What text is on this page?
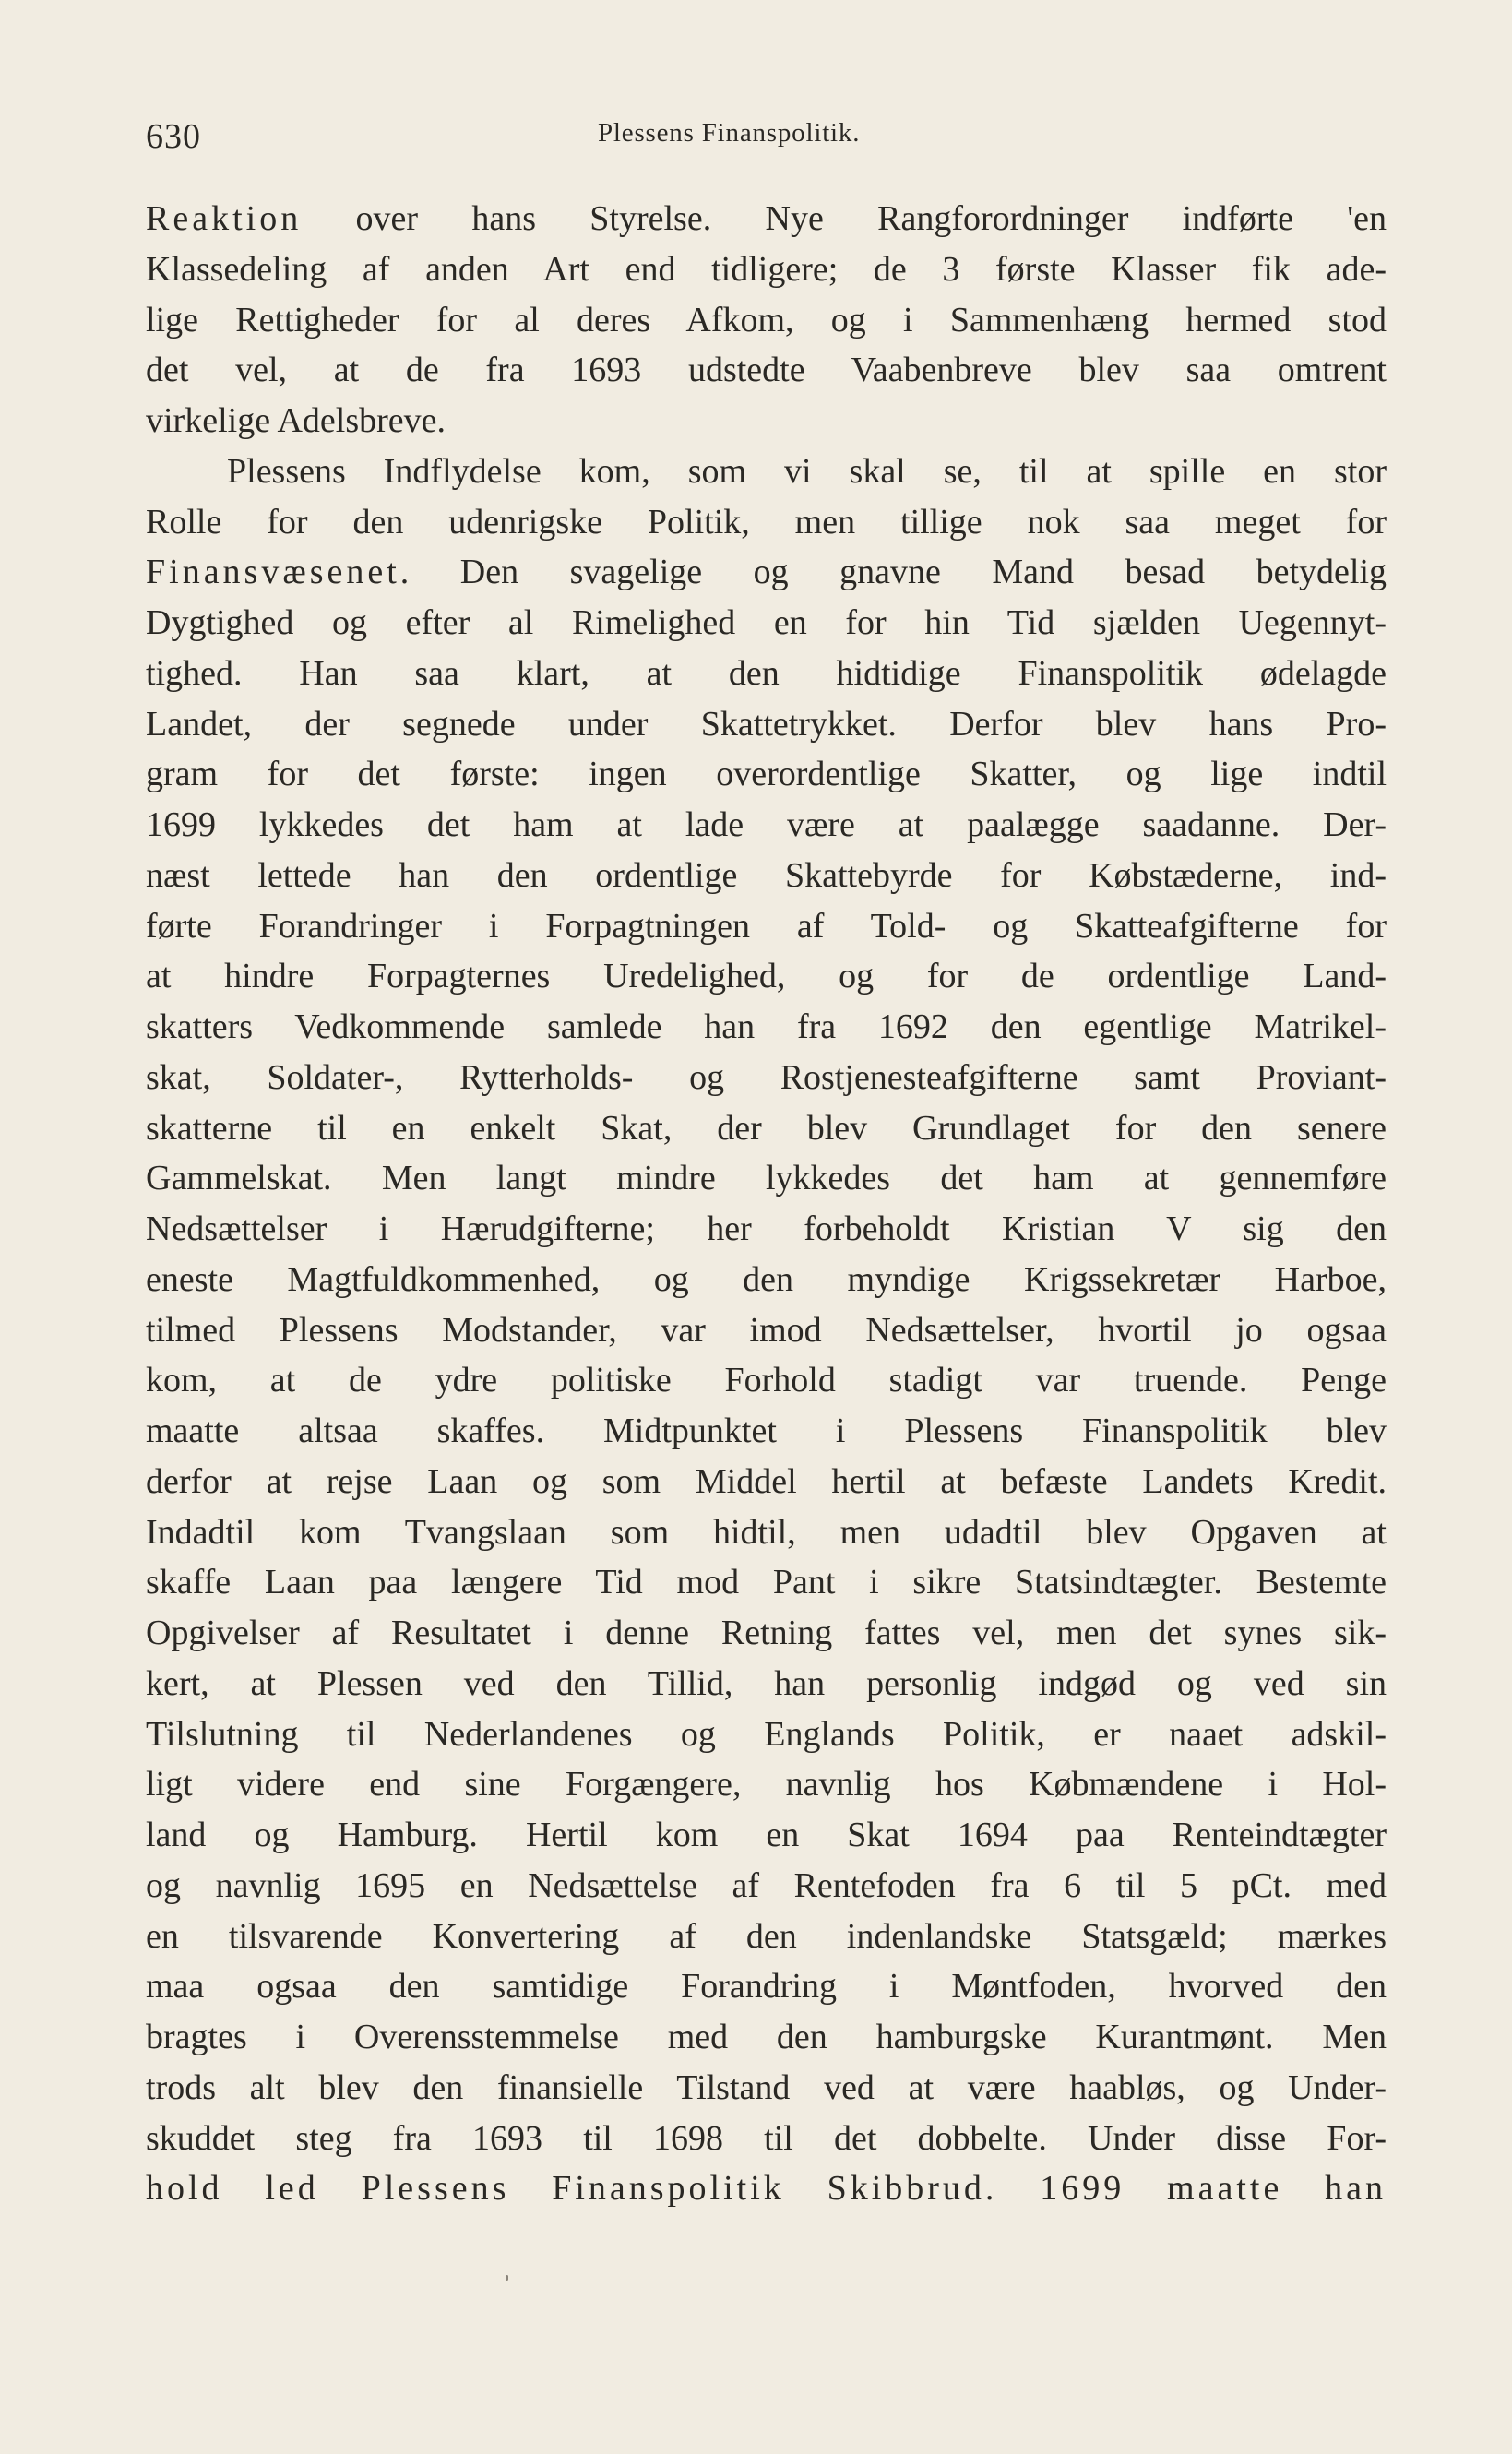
630	Plessens Finanspolitik.
Reaktion over hans Styrelse. Nye Rangforordninger indførte 'en
Klassedeling af anden Art end tidligere; de 3 første Klasser fik ade-
lige Rettigheder for al deres Afkom, og i Sammenhæng hermed stod
det vel, at de fra 1693 udstedte Vaabenbreve blev saa omtrent
virkelige Adelsbreve.
Plessens Indflydelse kom, som vi skal se, til at spille en stor
Rolle for den udenrigske Politik, men tillige nok saa meget for
Finansvæsenet. Den svagelige og gnavne Mand besad betydelig
Dygtighed og efter al Rimelighed en for hin Tid sjælden Uegennyt-
tighed. Han saa klart, at den hidtidige Finanspolitik ødelagde
Landet, der segnede under Skattetrykket. Derfor blev hans Pro-
gram for det første: ingen overordentlige Skatter, og lige indtil
1699 lykkedes det ham at lade være at paalægge saadanne. Der-
næst lettede han den ordentlige Skattebyrde for Købstæderne, ind-
førte Forandringer i Forpagtningen af Told- og Skatteafgifterne for
at hindre Forpagternes Uredelighed, og for de ordentlige Land-
skatters Vedkommende samlede han fra 1692 den egentlige Matrikel-
skat, Soldater-, Rytterholds- og Rostjenesteafgifterne samt Proviant-
skatterne til en enkelt Skat, der blev Grundlaget for den senere
Gammelskat. Men langt mindre lykkedes det ham at gennemføre
Nedsættelser i Hærudgifterne; her forbeholdt Kristian V sig den
eneste Magtfuldkommenhed, og den myndige Krigssekretær Harboe,
tilmed Plessens Modstander, var imod Nedsættelser, hvortil jo ogsaa
kom, at de ydre politiske Forhold stadigt var truende. Penge
maatte altsaa skaffes. Midtpunktet i Plessens Finanspolitik blev
derfor at rejse Laan og som Middel hertil at befæste Landets Kredit.
Indadtil kom Tvangslaan som hidtil, men udadtil blev Opgaven at
skaffe Laan paa længere Tid mod Pant i sikre Statsindtægter. Bestemte
Opgivelser af Resultatet i denne Retning fattes vel, men det synes sik-
kert, at Plessen ved den Tillid, han personlig indgød og ved sin
Tilslutning til Nederlandenes og Englands Politik, er naaet adskil-
ligt videre end sine Forgængere, navnlig hos Købmændene i Hol-
land og Hamburg. Hertil kom en Skat 1694 paa Renteindtægter
og navnlig 1695 en Nedsættelse af Rentefoden fra 6 til 5 pCt. med
en tilsvarende Konvertering af den indenlandske Statsgæld; mærkes
maa ogsaa den samtidige Forandring i Møntfoden, hvorved den
bragtes i Overensstemmelse med den hamburgske Kurantmønt. Men
trods alt blev den finansielle Tilstand ved at være haabløs, og Under-
skuddet steg fra 1693 til 1698 til det dobbelte. Under disse For-
hold led Plessens Finanspolitik Skibbrud. 1699 maatte han
